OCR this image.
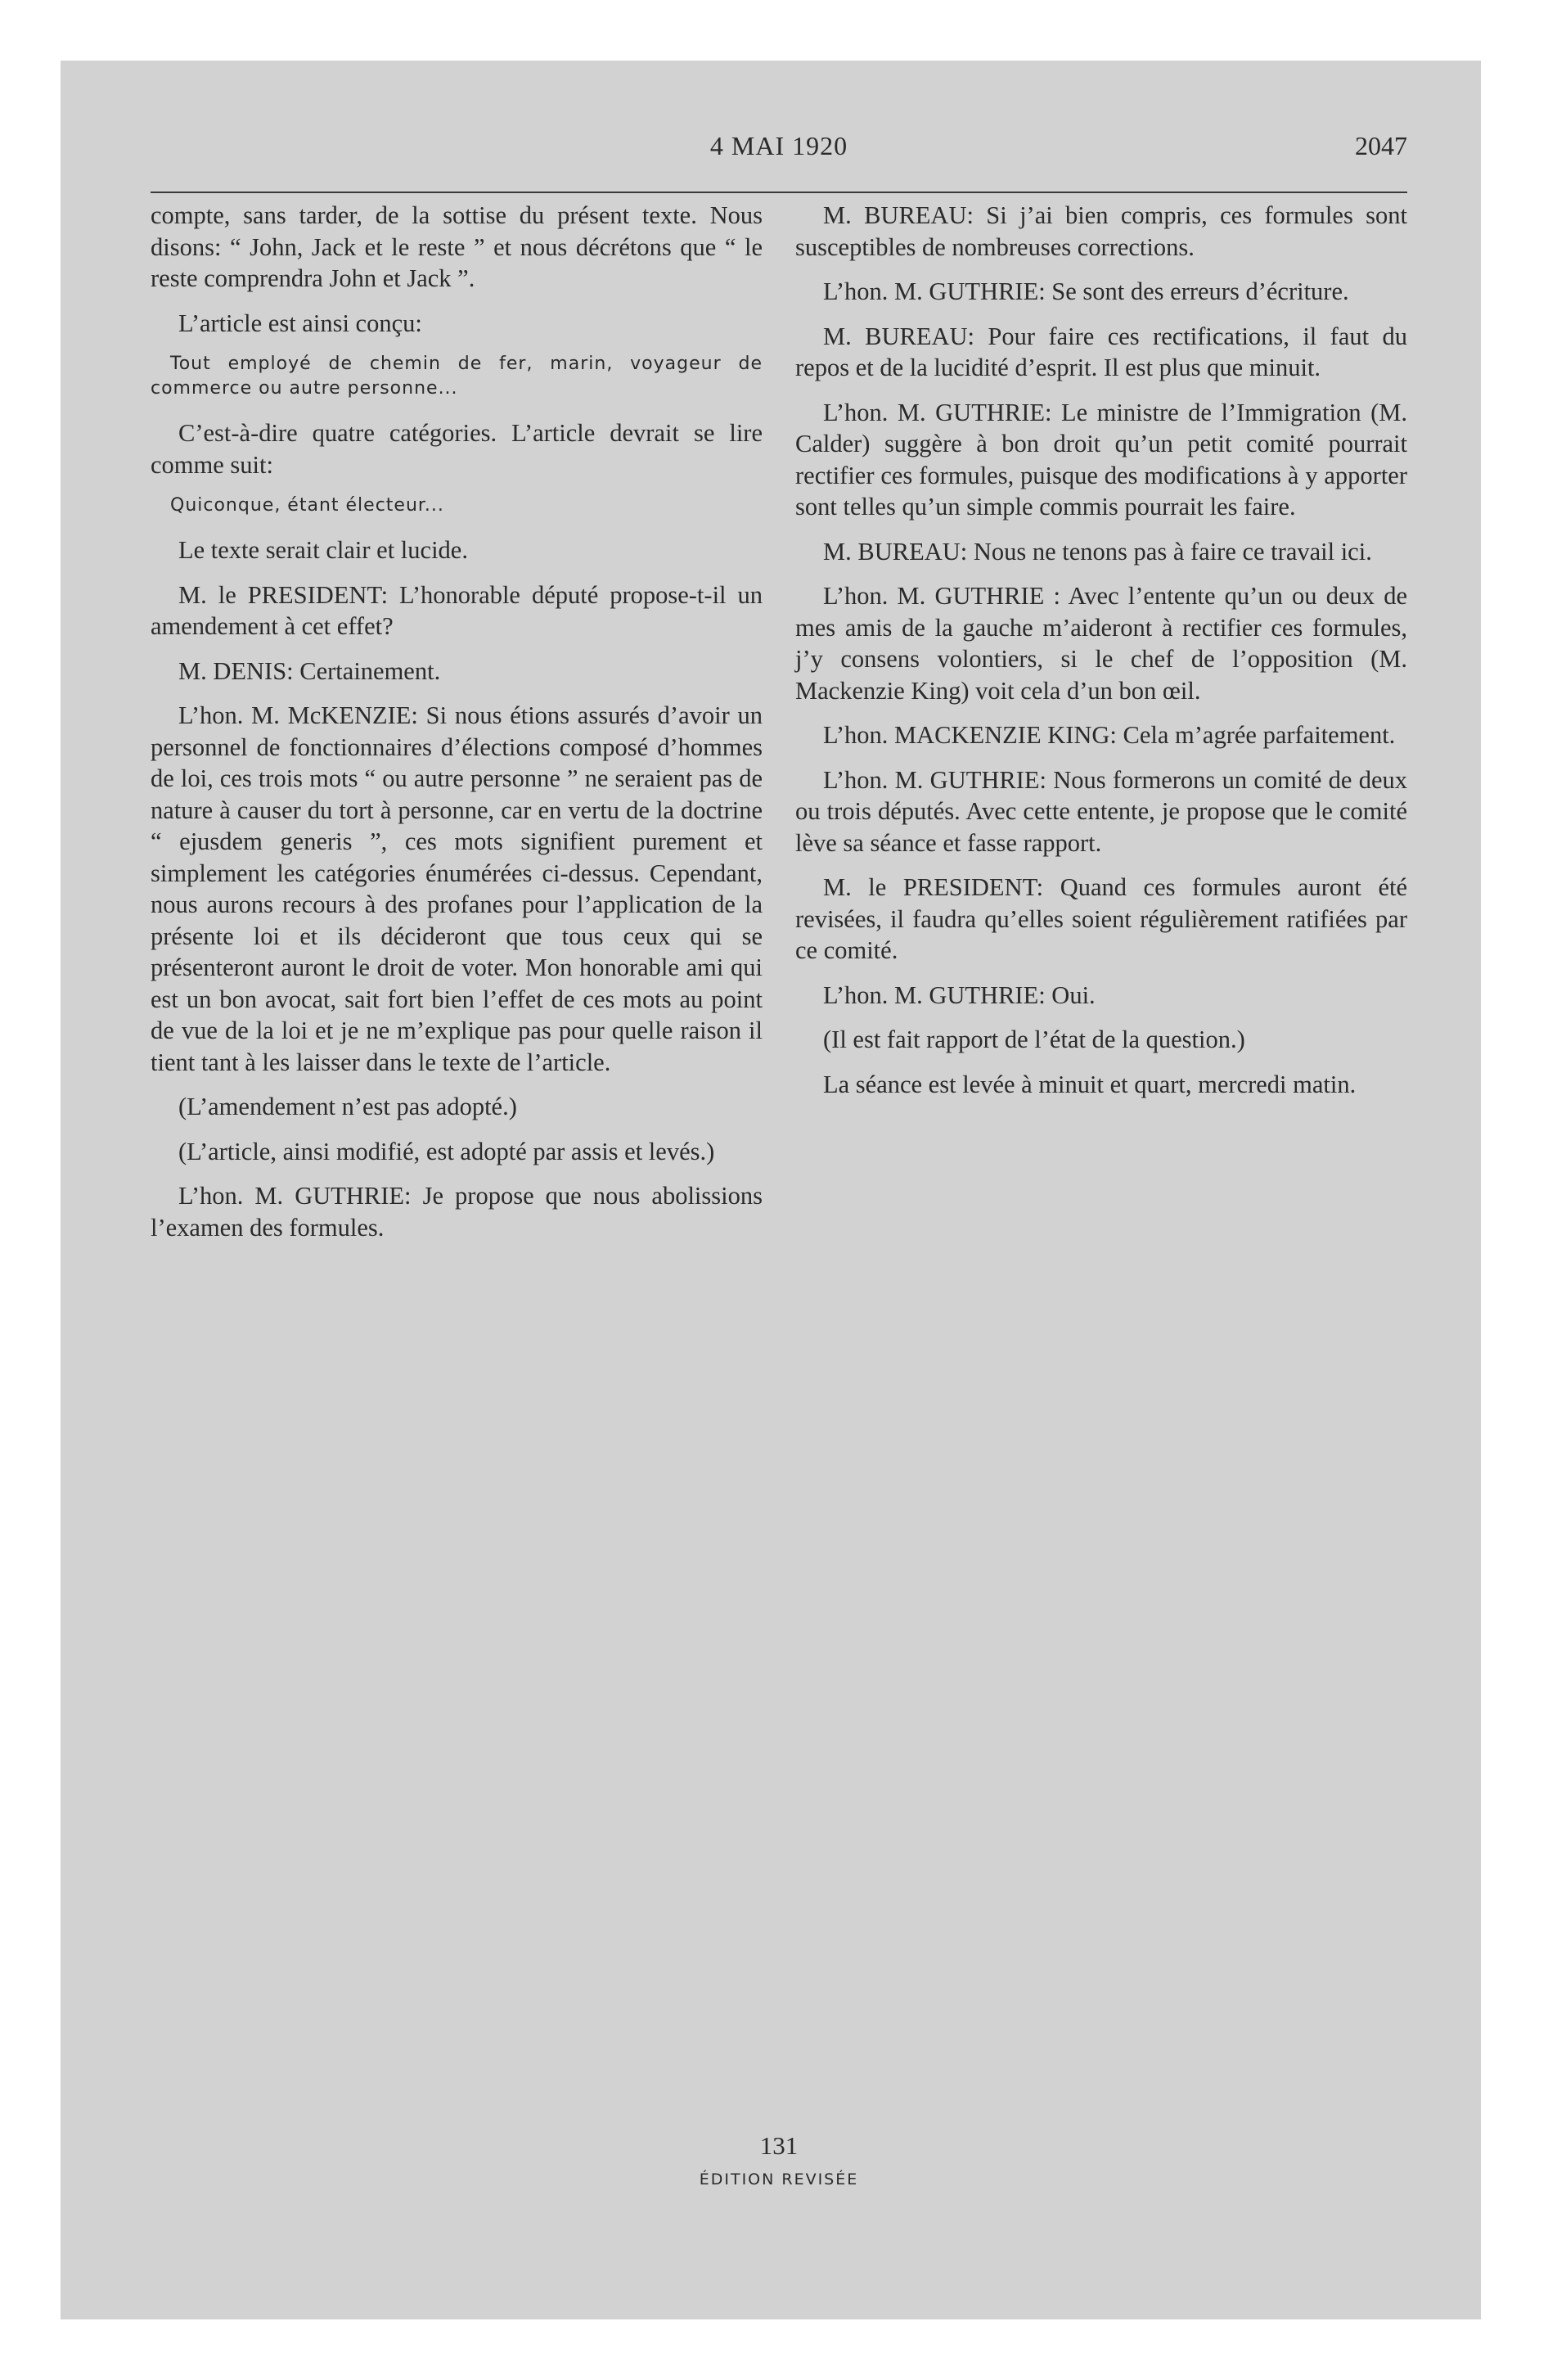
4 MAI 1920	2047

compte, sans tarder, de la sottise du présent texte. Nous disons: “ John, Jack et le reste ” et nous décrétons que “ le reste comprendra John et Jack ”.

L’article est ainsi conçu:

Tout employé de chemin de fer, marin, voyageur de commerce ou autre personne...

C’est-à-dire quatre catégories. L’article devrait se lire comme suit:

Quiconque, étant électeur...

Le texte serait clair et lucide.

M. le PRESIDENT: L’honorable député propose-t-il un amendement à cet effet?

M. DENIS: Certainement.

L’hon. M. McKENZIE: Si nous étions assurés d’avoir un personnel de fonctionnaires d’élections composé d’hommes de loi, ces trois mots “ ou autre personne ” ne seraient pas de nature à causer du tort à personne, car en vertu de la doctrine “ ejusdem generis ”, ces mots signifient purement et simplement les catégories énumérées ci-dessus. Cependant, nous aurons recours à des profanes pour l’application de la présente loi et ils décideront que tous ceux qui se présenteront auront le droit de voter. Mon honorable ami qui est un bon avocat, sait fort bien l’effet de ces mots au point de vue de la loi et je ne m’explique pas pour quelle raison il tient tant à les laisser dans le texte de l’article.

(L’amendement n’est pas adopté.)

(L’article, ainsi modifié, est adopté par assis et levés.)

L’hon. M. GUTHRIE: Je propose que nous abolissions l’examen des formules.

M. BUREAU: Si j’ai bien compris, ces formules sont susceptibles de nombreuses corrections.

L’hon. M. GUTHRIE: Se sont des erreurs d’écriture.

M. BUREAU: Pour faire ces rectifications, il faut du repos et de la lucidité d’esprit. Il est plus que minuit.

L’hon. M. GUTHRIE: Le ministre de l’Immigration (M. Calder) suggère à bon droit qu’un petit comité pourrait rectifier ces formules, puisque des modifications à y apporter sont telles qu’un simple commis pourrait les faire.

M. BUREAU: Nous ne tenons pas à faire ce travail ici.

L’hon. M. GUTHRIE : Avec l’entente qu’un ou deux de mes amis de la gauche m’aideront à rectifier ces formules, j’y consens volontiers, si le chef de l’opposition (M. Mackenzie King) voit cela d’un bon œil.

L’hon. MACKENZIE KING: Cela m’agrée parfaitement.

L’hon. M. GUTHRIE: Nous formerons un comité de deux ou trois députés. Avec cette entente, je propose que le comité lève sa séance et fasse rapport.

M. le PRESIDENT: Quand ces formules auront été revisées, il faudra qu’elles soient régulièrement ratifiées par ce comité.

L’hon. M. GUTHRIE: Oui.

(Il est fait rapport de l’état de la question.)

La séance est levée à minuit et quart, mercredi matin.

131
ÉDITION REVISÉE
